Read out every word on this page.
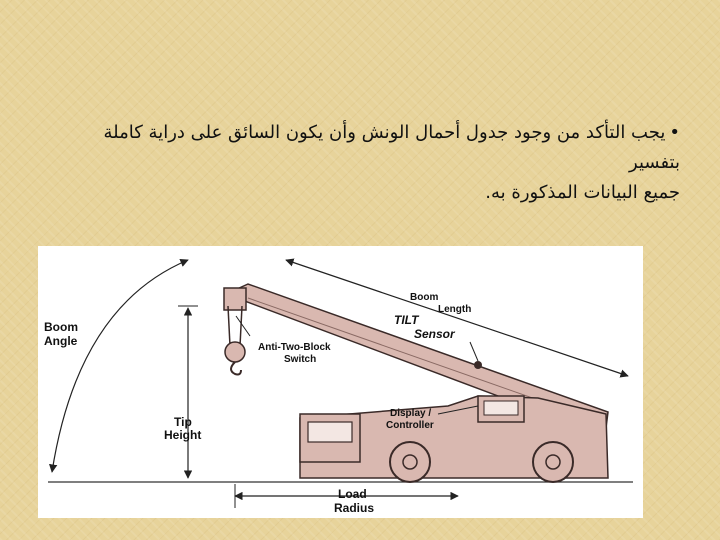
•يجب التأكد من وجود جدول أحمال الونش وأن يكون السائق على دراية كاملة بتفسير
جميع البيانات المذكورة به.
Boom
Angle
Boom
Length
TILT
Sensor
Anti-Two-Block
Switch
Display /
Controller
Tip
Height
Load
Radius
